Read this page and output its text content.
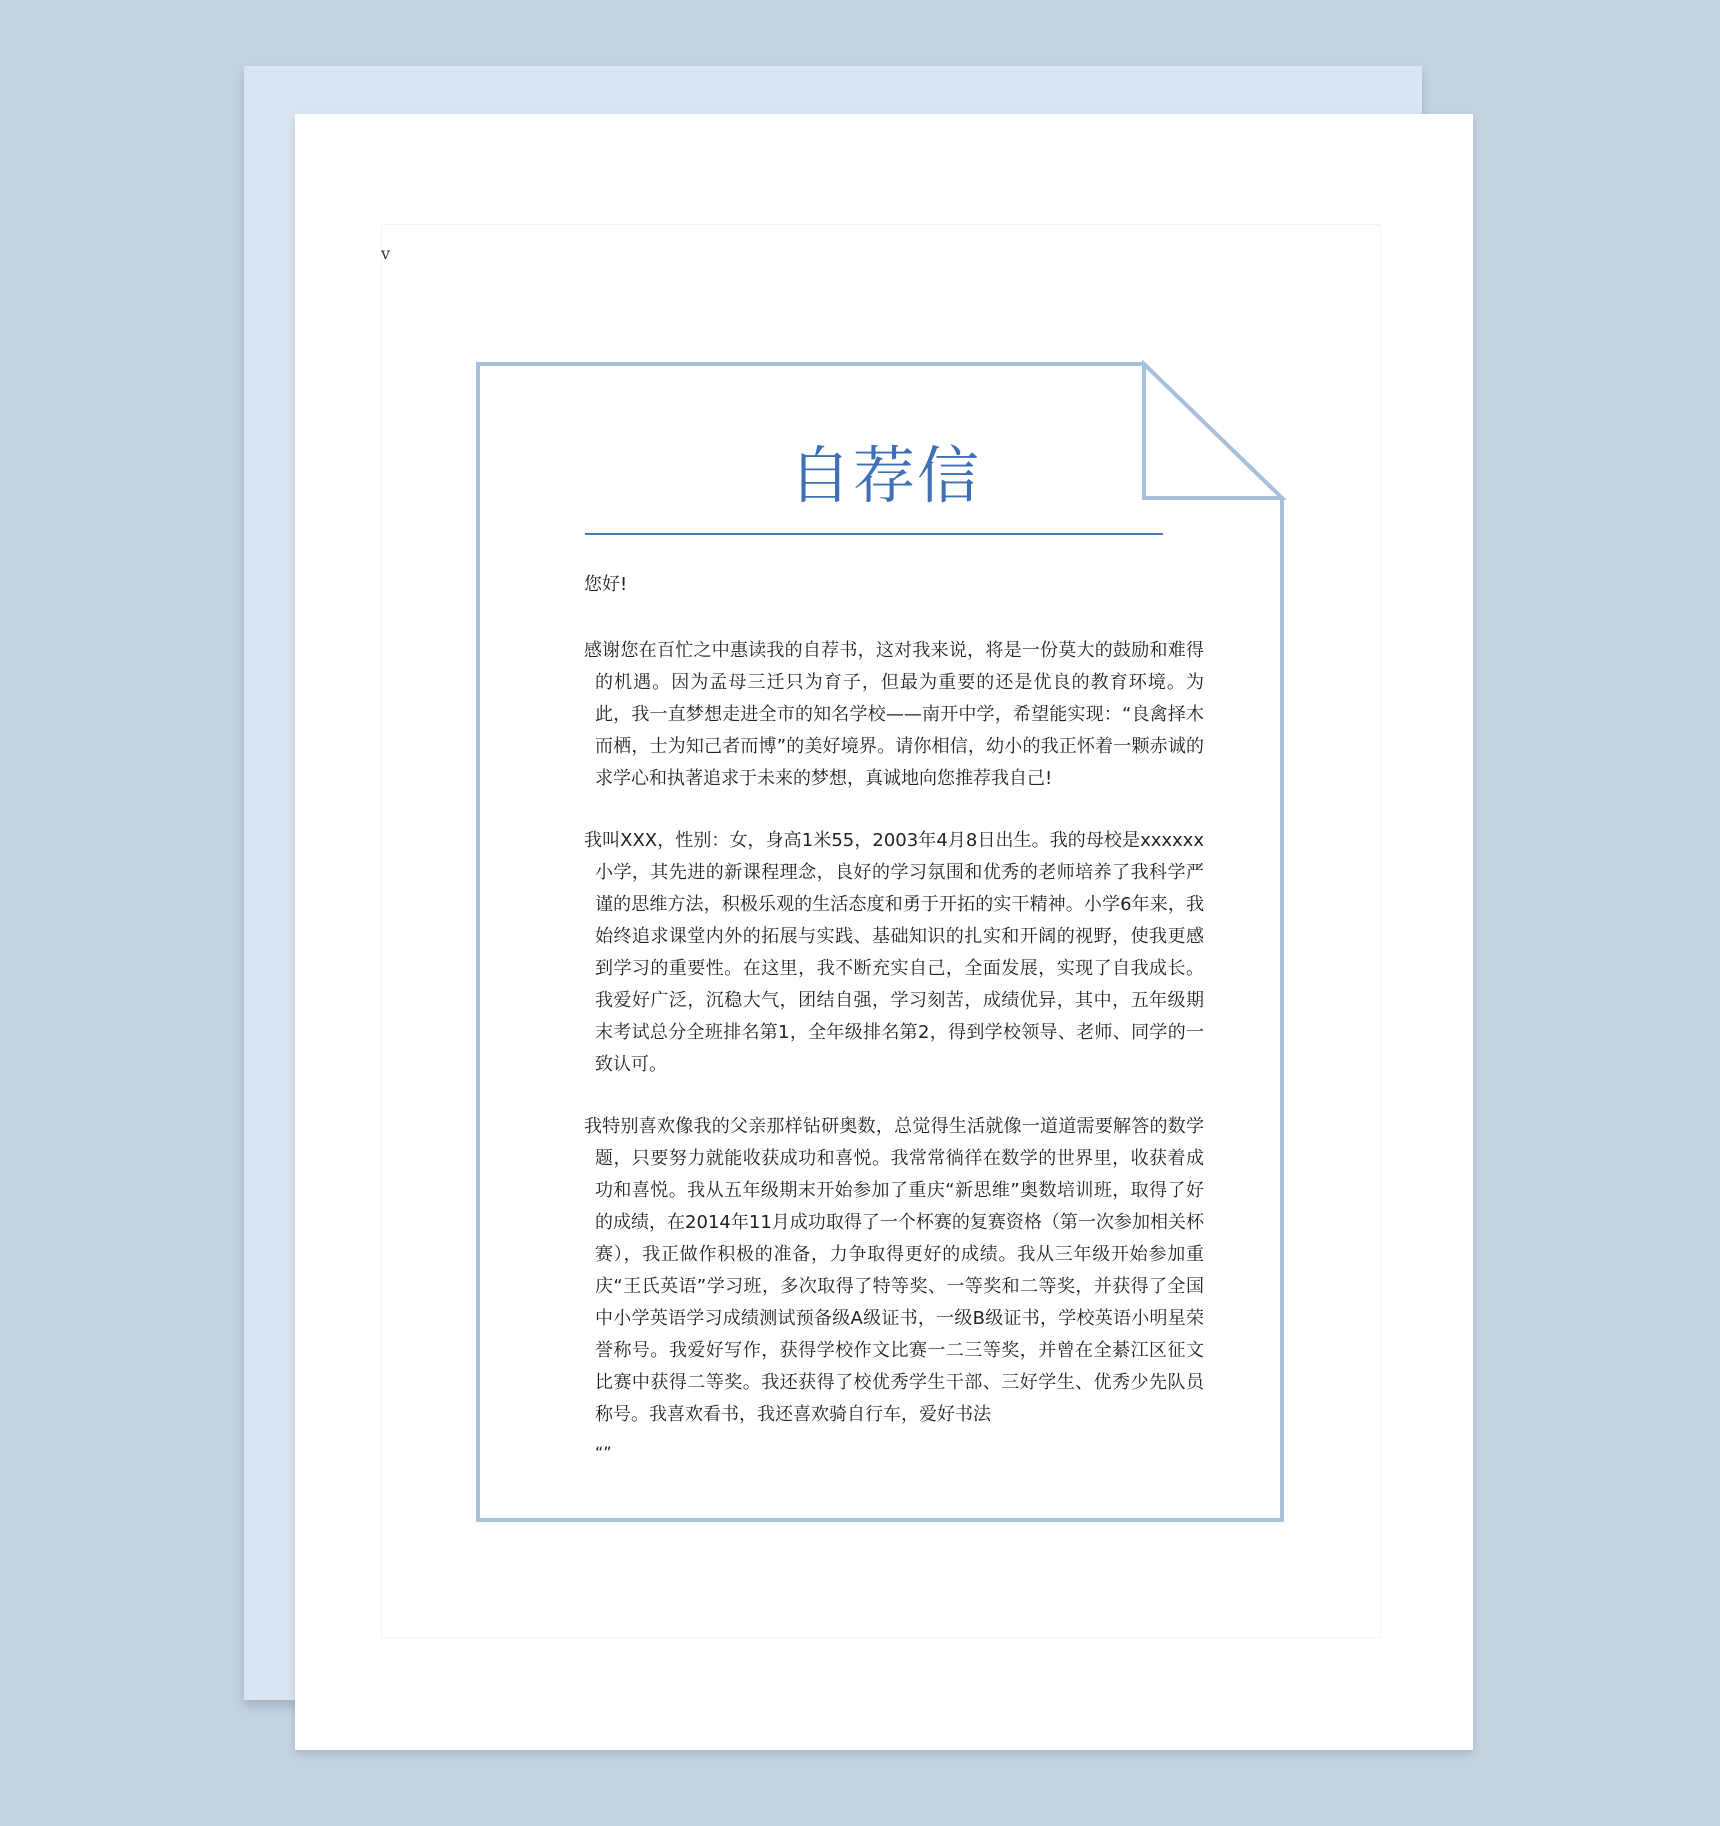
v
自荐信

您好!

感谢您在百忙之中惠读我的自荐书，这对我来说，将是一份莫大的鼓励和难得的机遇。因为孟母三迁只为育子，但最为重要的还是优良的教育环境。为此，我一直梦想走进全市的知名学校——南开中学，希望能实现：“良禽择木而栖，士为知己者而博”的美好境界。请你相信，幼小的我正怀着一颗赤诚的求学心和执著追求于未来的梦想，真诚地向您推荐我自己!

我叫XXX，性别：女，身高1米55，2003年4月8日出生。我的母校是xxxxxx小学，其先进的新课程理念，良好的学习氛围和优秀的老师培养了我科学严谨的思维方法，积极乐观的生活态度和勇于开拓的实干精神。小学6年来，我始终追求课堂内外的拓展与实践、基础知识的扎实和开阔的视野，使我更感到学习的重要性。在这里，我不断充实自己，全面发展，实现了自我成长。我爱好广泛，沉稳大气，团结自强，学习刻苦，成绩优异，其中，五年级期末考试总分全班排名第1，全年级排名第2，得到学校领导、老师、同学的一致认可。

我特别喜欢像我的父亲那样钻研奥数，总觉得生活就像一道道需要解答的数学题，只要努力就能收获成功和喜悦。我常常徜徉在数学的世界里，收获着成功和喜悦。我从五年级期末开始参加了重庆“新思维”奥数培训班，取得了好的成绩，在2014年11月成功取得了一个杯赛的复赛资格（第一次参加相关杯赛），我正做作积极的准备，力争取得更好的成绩。我从三年级开始参加重庆“王氏英语”学习班，多次取得了特等奖、一等奖和二等奖，并获得了全国中小学英语学习成绩测试预备级A级证书，一级B级证书，学校英语小明星荣誉称号。我爱好写作，获得学校作文比赛一二三等奖，并曾在全綦江区征文比赛中获得二等奖。我还获得了校优秀学生干部、三好学生、优秀少先队员称号。我喜欢看书，我还喜欢骑自行车，爱好书法

“”
